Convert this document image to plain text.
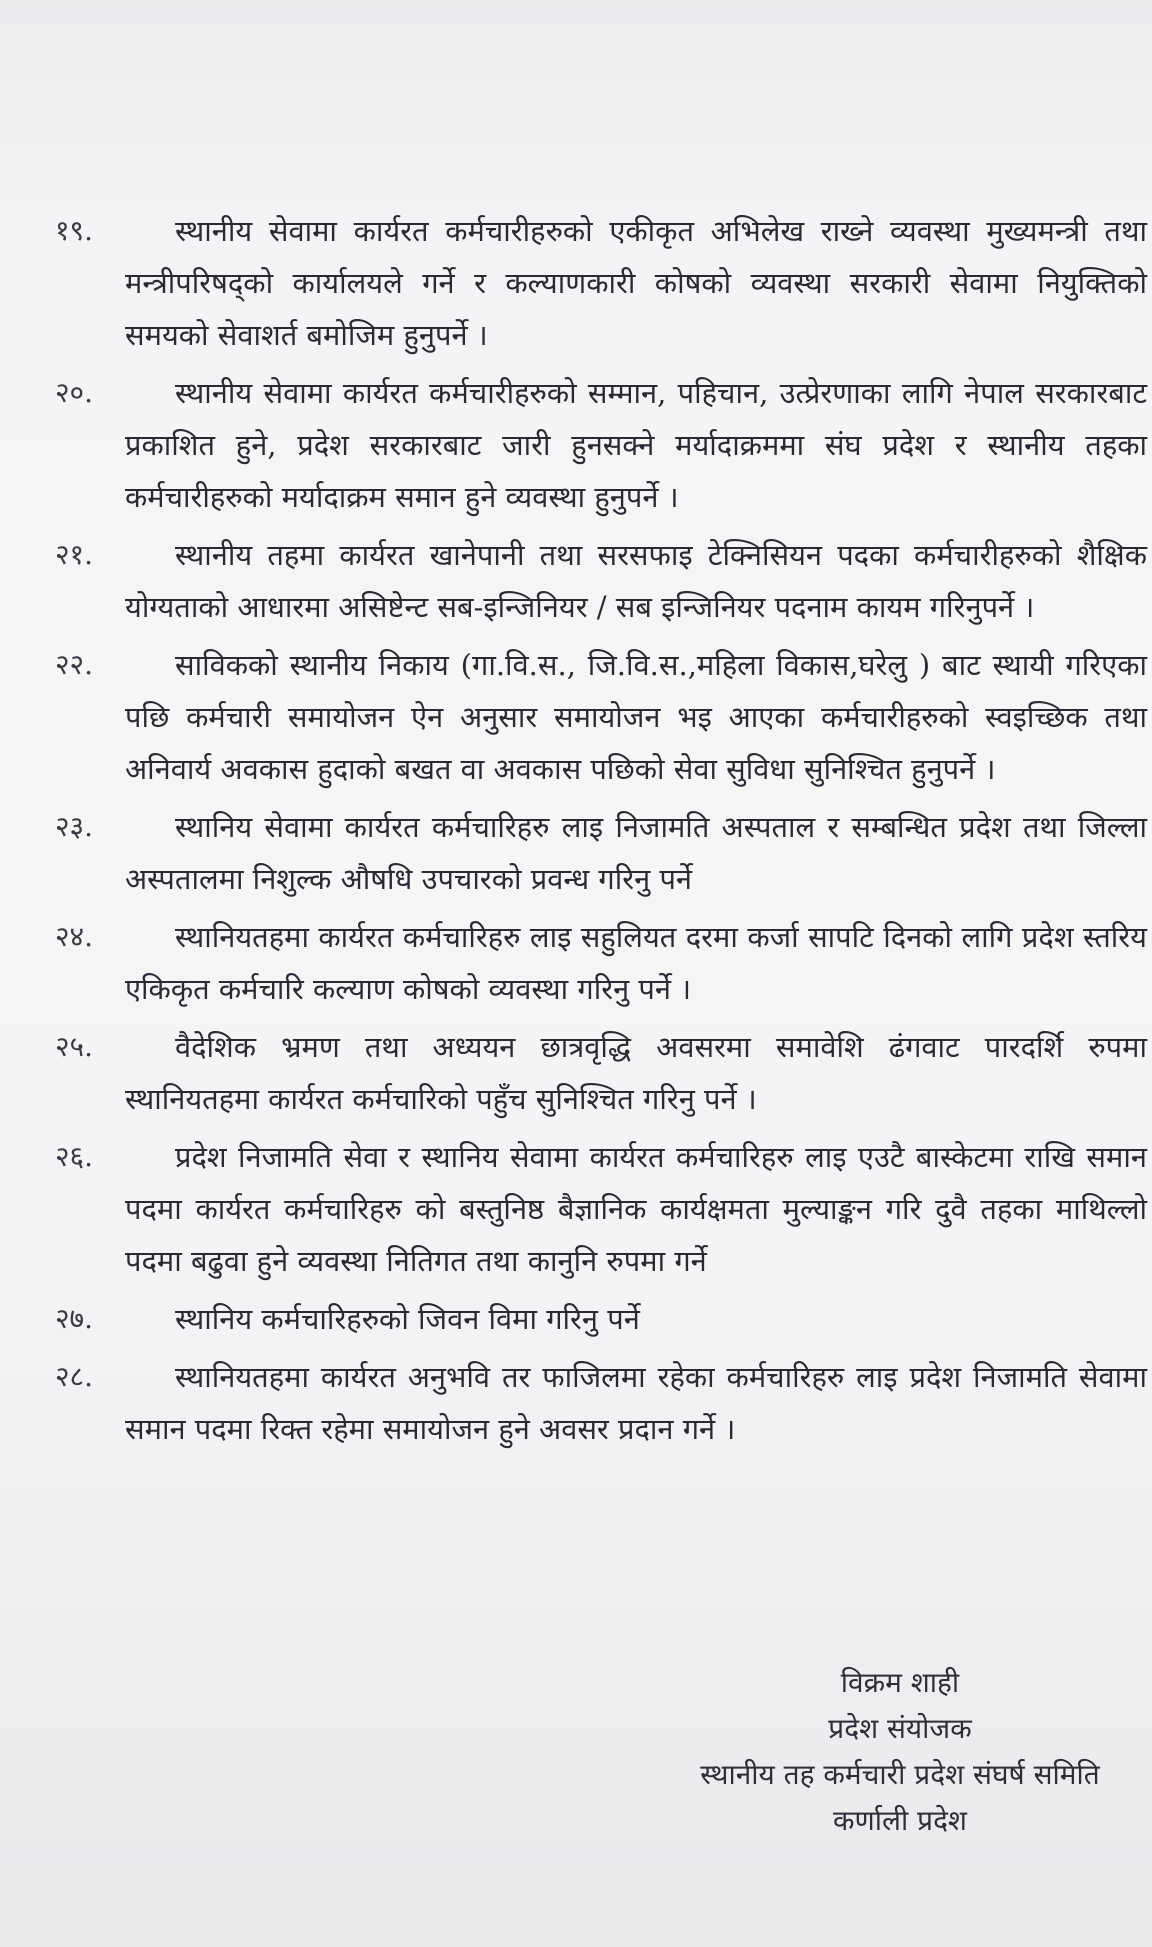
१९.	स्थानीय सेवामा कार्यरत कर्मचारीहरुको एकीकृत अभिलेख राख्ने व्यवस्था मुख्यमन्त्री तथा मन्त्रीपरिषद्को कार्यालयले गर्ने र कल्याणकारी कोषको व्यवस्था सरकारी सेवामा नियुक्तिको समयको सेवाशर्त बमोजिम हुनुपर्ने ।
२०.	स्थानीय सेवामा कार्यरत कर्मचारीहरुको सम्मान, पहिचान, उत्प्रेरणाका लागि नेपाल सरकारबाट प्रकाशित हुने, प्रदेश सरकारबाट जारी हुनसक्ने मर्यादाक्रममा संघ प्रदेश र स्थानीय तहका कर्मचारीहरुको मर्यादाक्रम समान हुने व्यवस्था हुनुपर्ने ।
२१.	स्थानीय तहमा कार्यरत खानेपानी तथा सरसफाइ टेक्निसियन पदका कर्मचारीहरुको शैक्षिक योग्यताको आधारमा असिष्टेन्ट सब-इन्जिनियर / सब इन्जिनियर पदनाम कायम गरिनुपर्ने ।
२२.	साविकको स्थानीय निकाय (गा.वि.स., जि.वि.स.,महिला विकास,घरेलु ) बाट स्थायी गरिएका पछि कर्मचारी समायोजन ऐन अनुसार समायोजन भइ आएका कर्मचारीहरुको स्वइच्छिक तथा अनिवार्य अवकास हुदाको बखत वा अवकास पछिको सेवा सुविधा सुनिश्चित हुनुपर्ने ।
२३.	स्थानिय सेवामा कार्यरत कर्मचारिहरु लाइ निजामति अस्पताल र सम्बन्धित प्रदेश तथा जिल्ला अस्पतालमा निशुल्क औषधि उपचारको प्रवन्ध गरिनु पर्ने
२४.	स्थानियतहमा कार्यरत कर्मचारिहरु लाइ सहुलियत दरमा कर्जा सापटि दिनको लागि प्रदेश स्तरिय एकिकृत कर्मचारि कल्याण कोषको व्यवस्था गरिनु पर्ने ।
२५.	वैदेशिक भ्रमण तथा अध्ययन छात्रवृद्धि अवसरमा समावेशि ढंगवाट पारदर्शि रुपमा स्थानियतहमा कार्यरत कर्मचारिको पहुँच सुनिश्चित गरिनु पर्ने ।
२६.	प्रदेश निजामति सेवा र स्थानिय सेवामा कार्यरत कर्मचारिहरु लाइ एउटै बास्केटमा राखि समान पदमा कार्यरत कर्मचारिहरु को बस्तुनिष्ठ बैज्ञानिक कार्यक्षमता मुल्याङ्कन गरि दुवै तहका माथिल्लो पदमा बढुवा हुने व्यवस्था नितिगत तथा कानुनि रुपमा गर्ने
२७.	स्थानिय कर्मचारिहरुको जिवन विमा गरिनु पर्ने
२८.	स्थानियतहमा कार्यरत अनुभवि तर फाजिलमा रहेका कर्मचारिहरु लाइ प्रदेश निजामति सेवामा समान पदमा रिक्त रहेमा समायोजन हुने अवसर प्रदान गर्ने ।
विक्रम शाही
प्रदेश संयोजक
स्थानीय तह कर्मचारी प्रदेश संघर्ष समिति
कर्णाली प्रदेश
